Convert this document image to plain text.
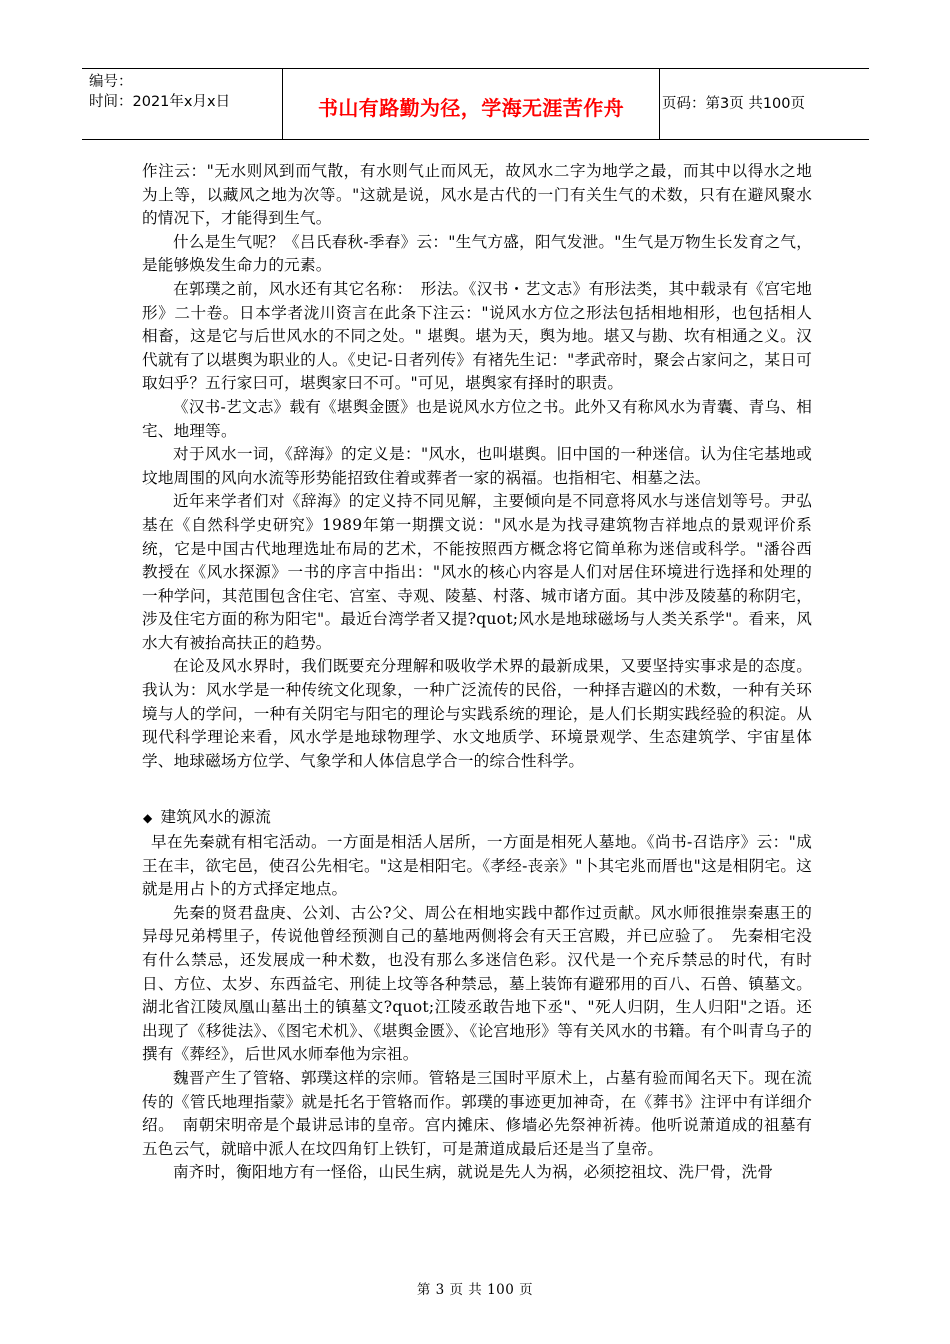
编号：
时间：2021年x月x日	书山有路勤为径，学海无涯苦作舟	页码：第3页 共100页

作注云："无水则风到而气散，有水则气止而风无，故风水二字为地学之最，而其中以得水之地为上等，以藏风之地为次等。"这就是说，风水是古代的一门有关生气的术数，只有在避风聚水的情况下，才能得到生气。

什么是生气呢？《吕氏春秋-季春》云："生气方盛，阳气发泄。"生气是万物生长发育之气，是能够焕发生命力的元素。

在郭璞之前，风水还有其它名称：　形法。《汉书・艺文志》有形法类，其中载录有《宫宅地形》二十卷。日本学者泷川资言在此条下注云："说风水方位之形法包括相地相形，也包括相人相畜，这是它与后世风水的不同之处。" 堪舆。堪为天，舆为地。堪又与勘、坎有相通之义。汉代就有了以堪舆为职业的人。《史记-日者列传》有褚先生记："孝武帝时，聚会占家问之，某日可取妇乎？五行家曰可，堪舆家曰不可。"可见，堪舆家有择时的职责。

《汉书-艺文志》载有《堪舆金匮》也是说风水方位之书。此外又有称风水为青囊、青乌、相宅、地理等。

对于风水一词，《辞海》的定义是："风水，也叫堪舆。旧中国的一种迷信。认为住宅基地或坟地周围的风向水流等形势能招致住着或葬者一家的祸福。也指相宅、相墓之法。

近年来学者们对《辞海》的定义持不同见解，主要倾向是不同意将风水与迷信划等号。尹弘基在《自然科学史研究》1989年第一期撰文说："风水是为找寻建筑物吉祥地点的景观评价系统，它是中国古代地理选址布局的艺术，不能按照西方概念将它简单称为迷信或科学。"潘谷西教授在《风水探源》一书的序言中指出："风水的核心内容是人们对居住环境进行选择和处理的一种学问，其范围包含住宅、宫室、寺观、陵墓、村落、城市诸方面。其中涉及陵墓的称阴宅，涉及住宅方面的称为阳宅"。最近台湾学者又提?quot;风水是地球磁场与人类关系学"。看来，风水大有被抬高扶正的趋势。

在论及风水界时，我们既要充分理解和吸收学术界的最新成果，又要坚持实事求是的态度。我认为：风水学是一种传统文化现象，一种广泛流传的民俗，一种择吉避凶的术数，一种有关环境与人的学问，一种有关阴宅与阳宅的理论与实践系统的理论，是人们长期实践经验的积淀。从现代科学理论来看，风水学是地球物理学、水文地质学、环境景观学、生态建筑学、宇宙星体学、地球磁场方位学、气象学和人体信息学合一的综合性科学。

◆ 建筑风水的源流

早在先秦就有相宅活动。一方面是相活人居所，一方面是相死人墓地。《尚书-召诰序》云："成王在丰，欲宅邑，使召公先相宅。"这是相阳宅。《孝经-丧亲》"卜其宅兆而厝也"这是相阴宅。这就是用占卜的方式择定地点。

先秦的贤君盘庚、公刘、古公?父、周公在相地实践中都作过贡献。风水师很推崇秦惠王的异母兄弟樗里子，传说他曾经预测自己的墓地两侧将会有天王宫殿，并已应验了。　先秦相宅没有什么禁忌，还发展成一种术数，也没有那么多迷信色彩。汉代是一个充斥禁忌的时代，有时日、方位、太岁、东西益宅、刑徒上坟等各种禁忌，墓上装饰有避邪用的百八、石兽、镇墓文。湖北省江陵凤凰山墓出土的镇墓文?quot;江陵丞敢告地下丞"、"死人归阴，生人归阳"之语。还出现了《移徙法》、《图宅术机》、《堪舆金匮》、《论宫地形》等有关风水的书籍。有个叫青乌子的撰有《葬经》，后世风水师奉他为宗祖。

魏晋产生了管辂、郭璞这样的宗师。管辂是三国时平原术上，占墓有验而闻名天下。现在流传的《管氏地理指蒙》就是托名于管辂而作。郭璞的事迹更加神奇，在《葬书》注评中有详细介绍。　南朝宋明帝是个最讲忌讳的皇帝。宫内摊床、修墙必先祭神祈祷。他听说萧道成的祖墓有五色云气，就暗中派人在坟四角钉上铁钉，可是萧道成最后还是当了皇帝。

南齐时，衡阳地方有一怪俗，山民生病，就说是先人为祸，必须挖祖坟、洗尸骨，洗骨

第 3 页 共 100 页
